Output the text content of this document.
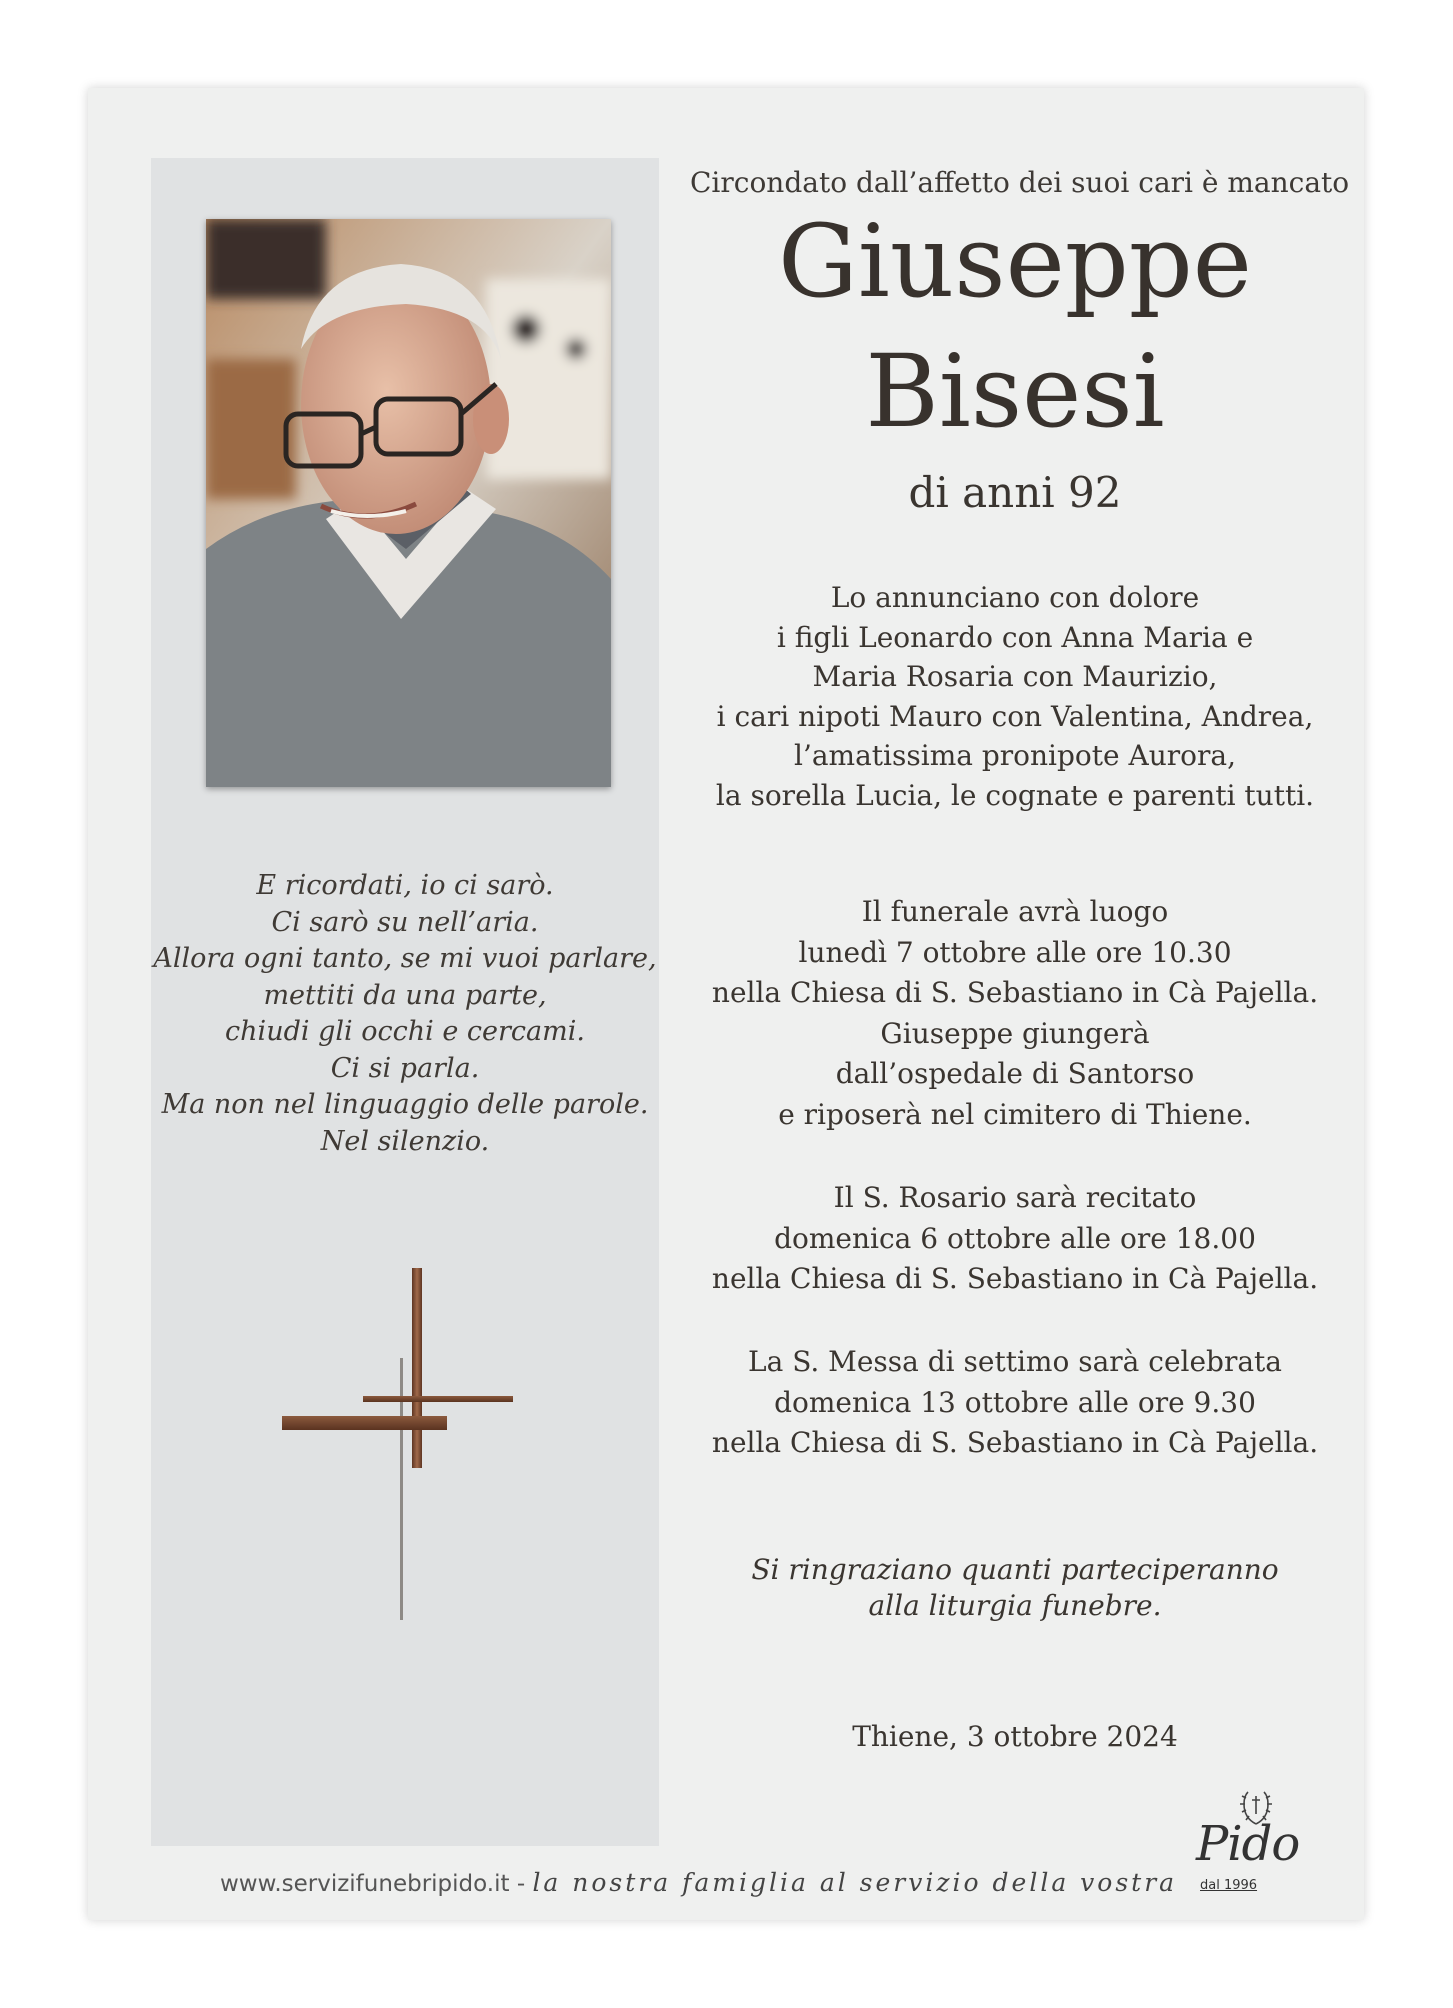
E ricordati, io ci sarò.
Ci sarò su nell’aria.
Allora ogni tanto, se mi vuoi parlare,
mettiti da una parte,
chiudi gli occhi e cercami.
Ci si parla.
Ma non nel linguaggio delle parole.
Nel silenzio.
Circondato dall’affetto dei suoi cari è mancato
Giuseppe
Bisesi
di anni 92
Lo annunciano con dolore
i figli Leonardo con Anna Maria e
Maria Rosaria con Maurizio,
i cari nipoti Mauro con Valentina, Andrea,
l’amatissima pronipote Aurora,
la sorella Lucia, le cognate e parenti tutti.
Il funerale avrà luogo
lunedì 7 ottobre alle ore 10.30
nella Chiesa di S. Sebastiano in Cà Pajella.
Giuseppe giungerà
dall’ospedale di Santorso
e riposerà nel cimitero di Thiene.
Il S. Rosario sarà recitato
domenica 6 ottobre alle ore 18.00
nella Chiesa di S. Sebastiano in Cà Pajella.
La S. Messa di settimo sarà celebrata
domenica 13 ottobre alle ore 9.30
nella Chiesa di S. Sebastiano in Cà Pajella.
Si ringraziano quanti parteciperanno
alla liturgia funebre.
Thiene, 3 ottobre 2024
www.servizifunebripido.it - la nostra famiglia al servizio della vostra
Pido
dal 1996
